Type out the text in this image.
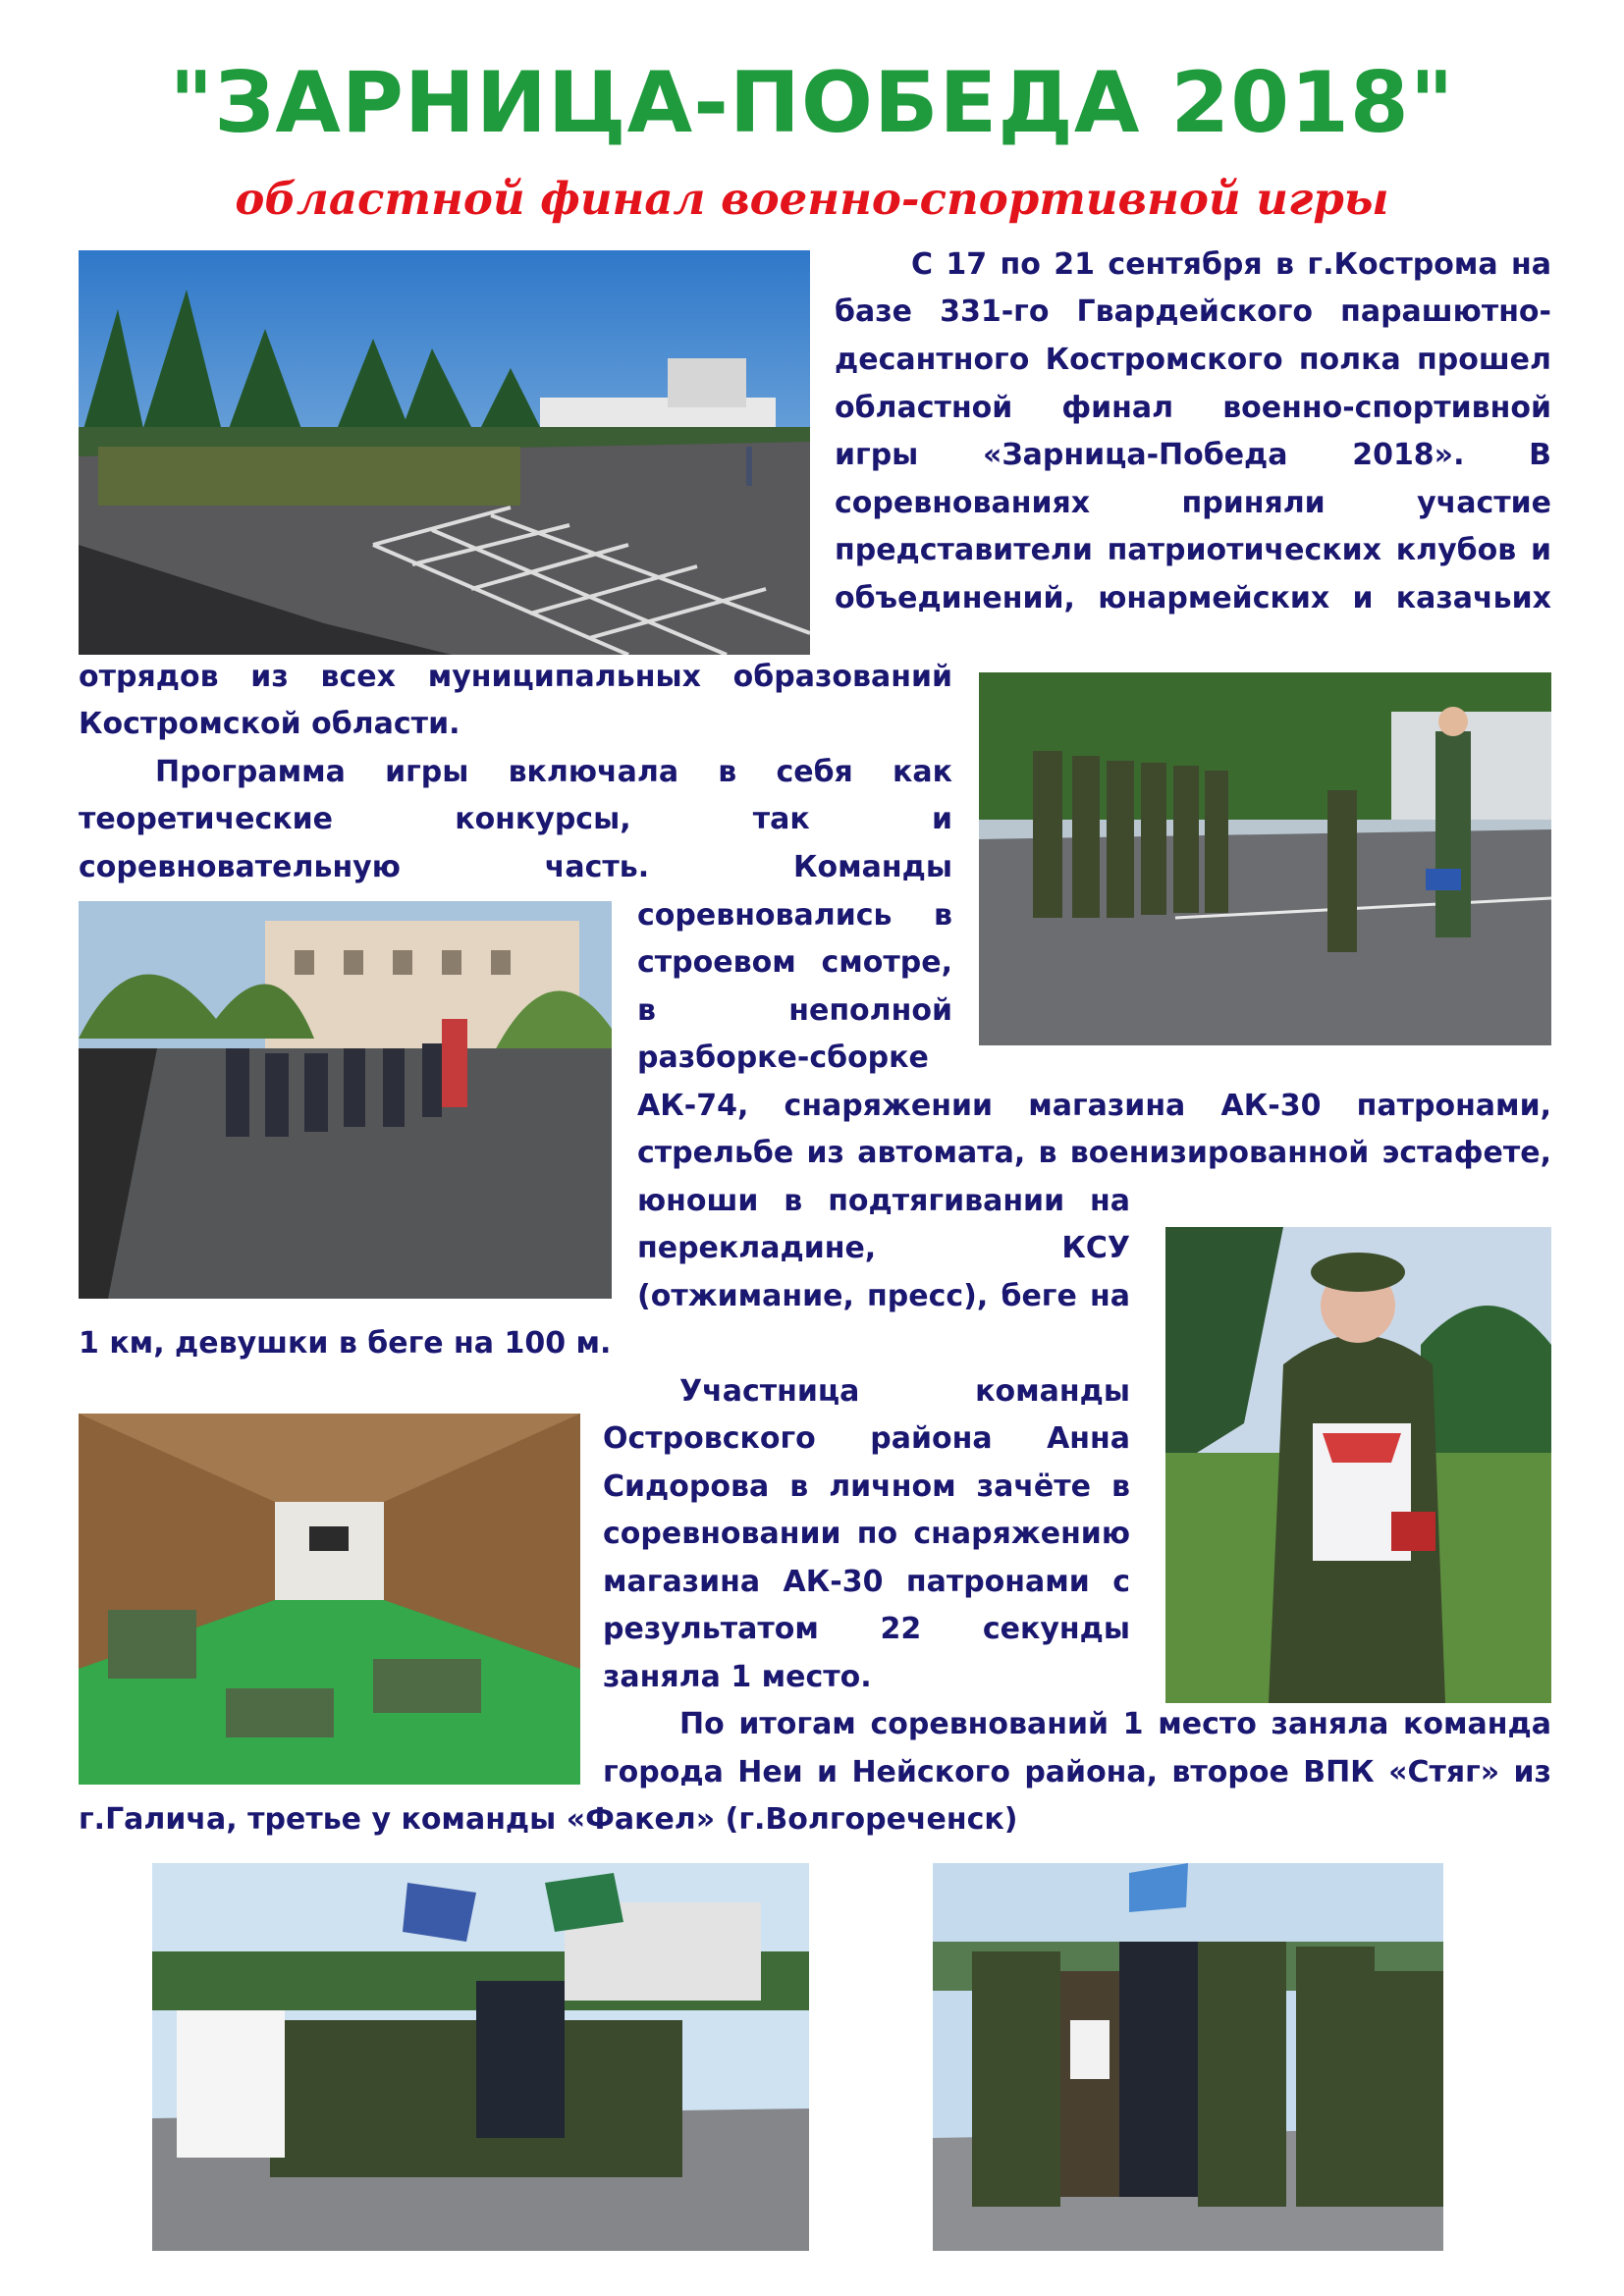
"ЗАРНИЦА-ПОБЕДА 2018"
областной финал военно-спортивной игры
С 17 по 21 сентября в г.Кострома на
базе 331-го Гвардейского парашютно-
десантного Костромского полка прошел
областной финал военно-спортивной
игры «Зарница-Победа 2018». В
соревнованиях приняли участие
представители патриотических клубов и
объединений, юнармейских и казачьих
отрядов из всех муниципальных образований
Костромской области.
Программа игры включала в себя как
теоретические конкурсы, так и
соревновательную часть. Команды
соревновались в
строевом смотре,
в неполной
разборке-сборке
АК-74, снаряжении магазина АК-30 патронами,
стрельбе из автомата, в военизированной эстафете,
юноши в подтягивании на
перекладине, КСУ
(отжимание, пресс), беге на
1 км, девушки в беге на 100 м.
Участница команды
Островского района Анна
Сидорова в личном зачёте в
соревновании по снаряжению
магазина АК-30 патронами с
результатом 22 секунды
заняла 1 место.
По итогам соревнований 1 место заняла команда
города Неи и Нейского района, второе ВПК «Стяг» из
г.Галича, третье у команды «Факел» (г.Волгореченск)
